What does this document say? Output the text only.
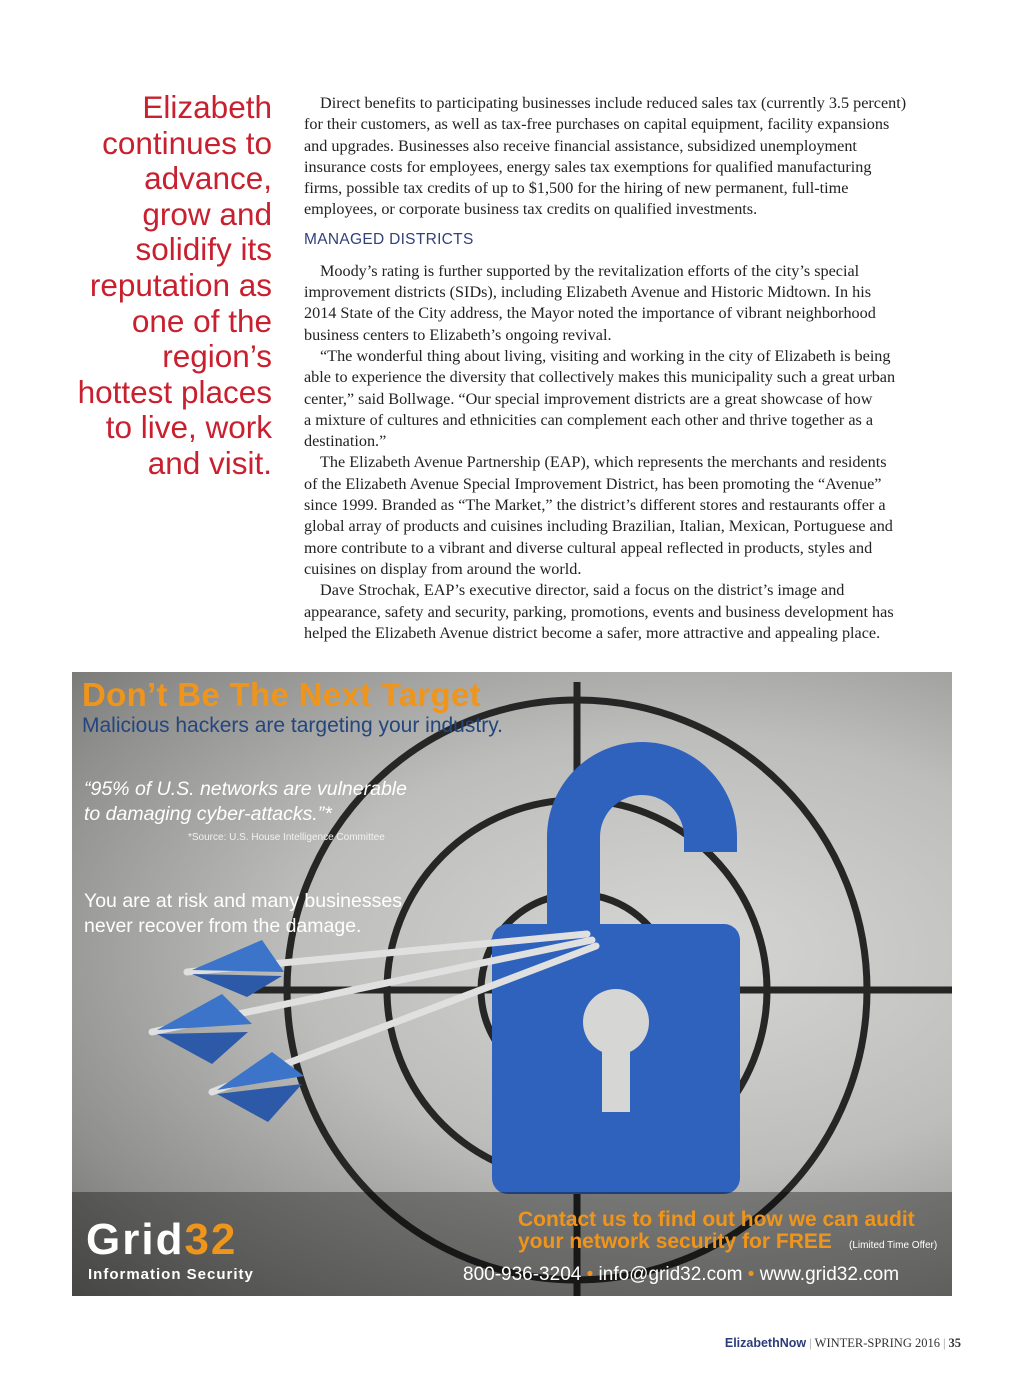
Elizabeth
continues to
advance,
grow and
solidify its
reputation as
one of the
region’s
hottest places
to live, work
and visit.
Direct benefits to participating businesses include reduced sales tax (currently 3.5 percent)
for their customers, as well as tax-free purchases on capital equipment, facility expansions
and upgrades. Businesses also receive financial assistance, subsidized unemployment
insurance costs for employees, energy sales tax exemptions for qualified manufacturing
firms, possible tax credits of up to $1,500 for the hiring of new permanent, full-time
employees, or corporate business tax credits on qualified investments.
MANAGED DISTRICTS
Moody’s rating is further supported by the revitalization efforts of the city’s special
improvement districts (SIDs), including Elizabeth Avenue and Historic Midtown. In his
2014 State of the City address, the Mayor noted the importance of vibrant neighborhood
business centers to Elizabeth’s ongoing revival.
“The wonderful thing about living, visiting and working in the city of Elizabeth is being
able to experience the diversity that collectively makes this municipality such a great urban
center,” said Bollwage. “Our special improvement districts are a great showcase of how
a mixture of cultures and ethnicities can complement each other and thrive together as a
destination.”
The Elizabeth Avenue Partnership (EAP), which represents the merchants and residents
of the Elizabeth Avenue Special Improvement District, has been promoting the “Avenue”
since 1999. Branded as “The Market,” the district’s different stores and restaurants offer a
global array of products and cuisines including Brazilian, Italian, Mexican, Portuguese and
more contribute to a vibrant and diverse cultural appeal reflected in products, styles and
cuisines on display from around the world.
Dave Strochak, EAP’s executive director, said a focus on the district’s image and
appearance, safety and security, parking, promotions, events and business development has
helped the Elizabeth Avenue district become a safer, more attractive and appealing place.
Don’t Be The Next Target
Malicious hackers are targeting your industry.
“95% of U.S. networks are vulnerable
to damaging cyber-attacks.”*
*Source: U.S. House Intelligence Committee
You are at risk and many businesses
never recover from the damage.
Grid32
Information Security
Contact us to find out how we can audit
your network security for FREE (Limited Time Offer)
800-936-3204 • info@grid32.com • www.grid32.com
ElizabethNow | WINTER-SPRING 2016 | 35
